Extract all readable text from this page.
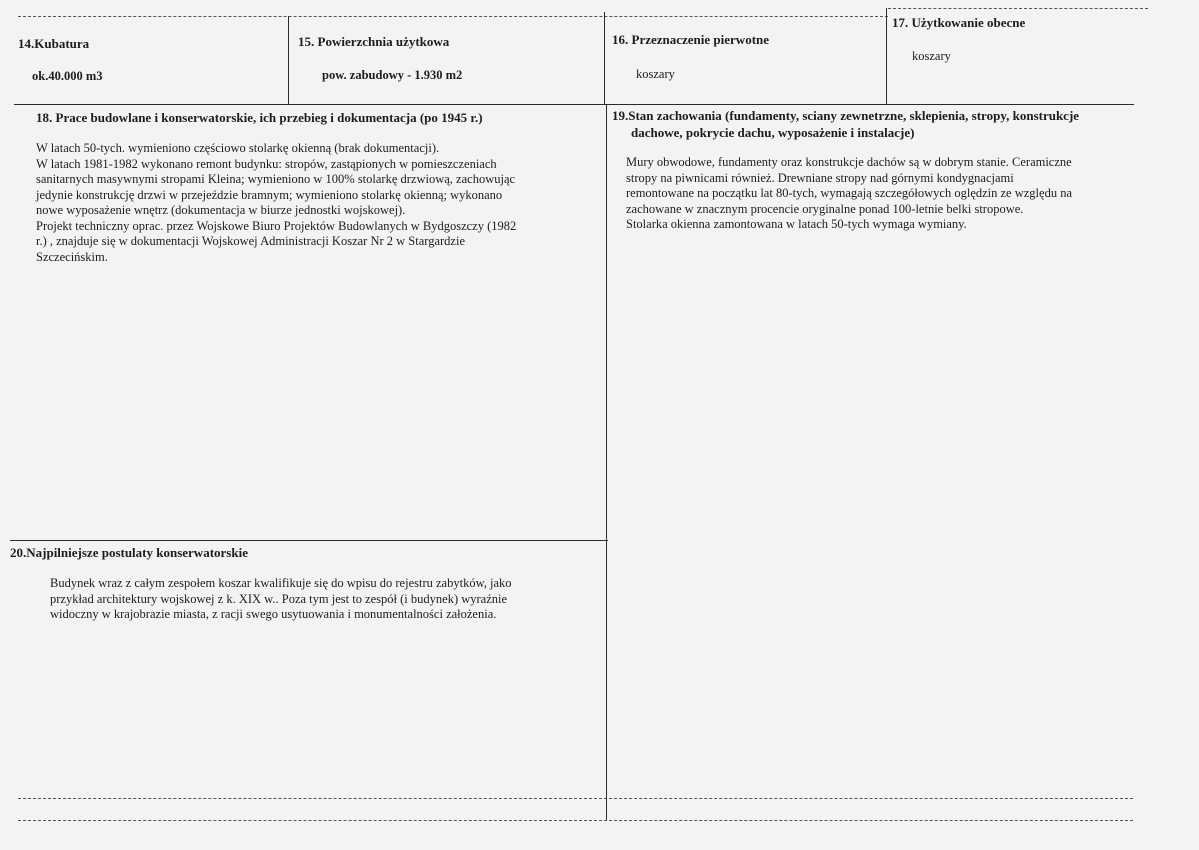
14.Kubatura
ok.40.000 m3
15. Powierzchnia użytkowa
pow. zabudowy - 1.930 m2
16. Przeznaczenie pierwotne
koszary
17. Użytkowanie obecne
koszary
18. Prace budowlane i konserwatorskie, ich przebieg i dokumentacja (po 1945 r.)

W latach 50-tych. wymieniono częściowo stolarkę okienną (brak dokumentacji).

W latach 1981-1982 wykonano remont budynku: stropów, zastąpionych w pomieszczeniach

sanitarnych masywnymi stropami Kleina; wymieniono w 100% stolarkę drzwiową, zachowując

jedynie konstrukcję drzwi w przejeździe bramnym; wymieniono stolarkę okienną; wykonano

nowe wyposażenie wnętrz (dokumentacja w biurze jednostki wojskowej).

Projekt techniczny oprac. przez Wojskowe Biuro Projektów Budowlanych w Bydgoszczy (1982

r.) , znajduje się w dokumentacji Wojskowej Administracji Koszar Nr 2 w Stargardzie

Szczecińskim.

19.Stan zachowania (fundamenty, sciany zewnetrzne, sklepienia, stropy, konstrukcje
dachowe, pokrycie dachu, wyposażenie i instalacje)

Mury obwodowe, fundamenty oraz konstrukcje dachów są w dobrym stanie. Ceramiczne

stropy na piwnicami również. Drewniane stropy nad górnymi kondygnacjami

remontowane na początku lat 80-tych, wymagają szczegółowych oględzin ze względu na

zachowane w znacznym procencie oryginalne ponad 100-letnie belki stropowe.

Stolarka okienna zamontowana w latach 50-tych wymaga wymiany.

20.Najpilniejsze postulaty konserwatorskie

Budynek wraz z całym zespołem koszar kwalifikuje się do wpisu do rejestru zabytków, jako

przykład architektury wojskowej z k. XIX w.. Poza tym jest to zespół (i budynek) wyraźnie

widoczny w krajobrazie miasta, z racji swego usytuowania i monumentalności założenia.
